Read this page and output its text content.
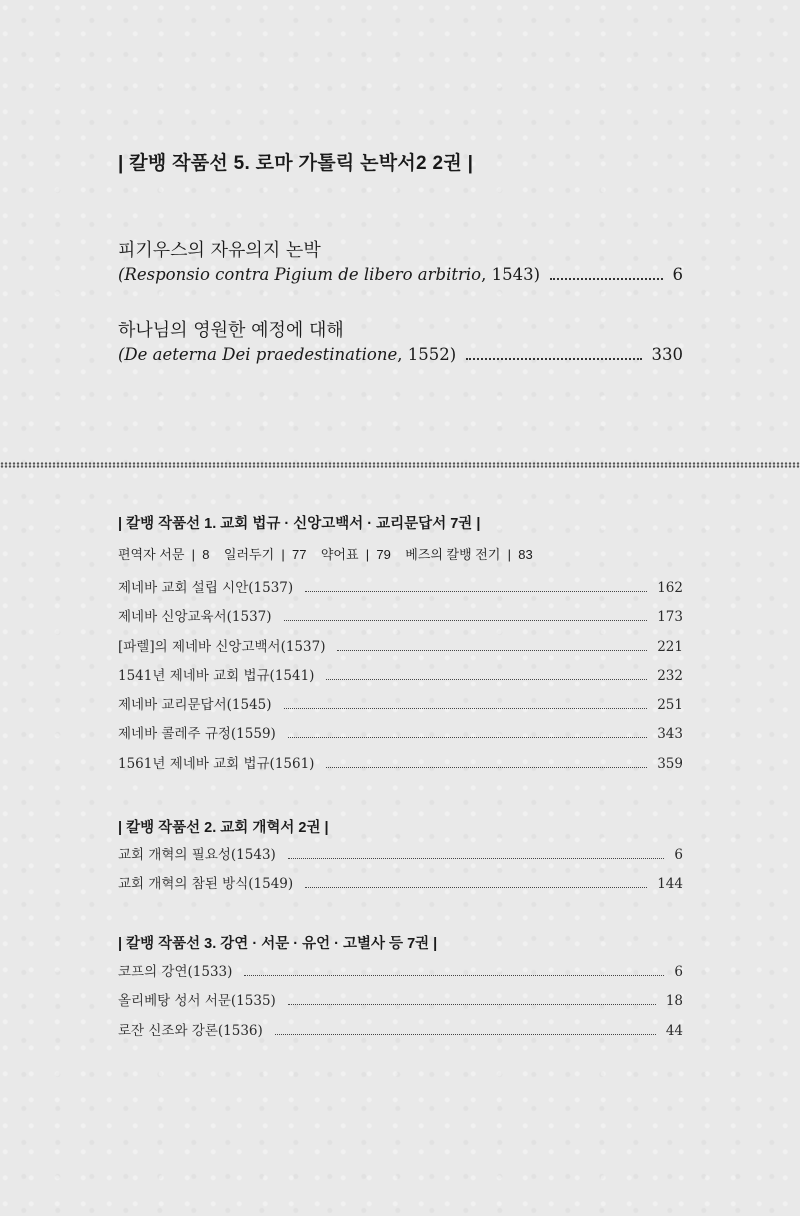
| 칼뱅 작품선 5. 로마 가톨릭 논박서2 2권 |
피기우스의 자유의지 논박
(Responsio contra Pigium de libero arbitrio , 1543)	6
하나님의 영원한 예정에 대해
(De aeterna Dei praedestinatione , 1552)	330
| 칼뱅 작품선 1. 교회 법규 · 신앙고백서 · 교리문답서 7권 |
편역자 서문  |  8    일러두기  |  77    약어표  |  79    베즈의 칼뱅 전기  |  83
제네바 교회 설립 시안(1537)	162
제네바 신앙교육서(1537)	173
[파렐]의 제네바 신앙고백서(1537)	221
1541년 제네바 교회 법규(1541)	232
제네바 교리문답서(1545)	251
제네바 콜레주 규정(1559)	343
1561년 제네바 교회 법규(1561)	359
| 칼뱅 작품선 2. 교회 개혁서 2권 |
교회 개혁의 필요성(1543)	6
교회 개혁의 참된 방식(1549)	144
| 칼뱅 작품선 3. 강연 · 서문 · 유언 · 고별사 등 7권 |
코프의 강연(1533)	6
올리베탕 성서 서문(1535)	18
로잔 신조와 강론(1536)	44
